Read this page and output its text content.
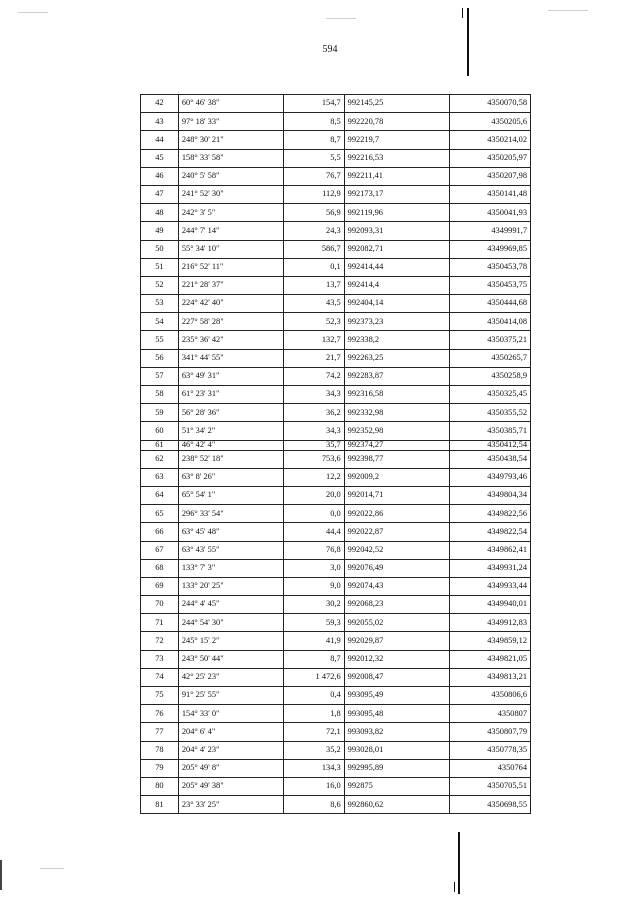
594
42	60° 46' 38"	154,7	992145,25	4350070,58
43	97° 18' 33"	8,5	992220,78	4350205,6
44	248° 30' 21"	8,7	992219,7	4350214,02
45	158° 33' 58"	5,5	992216,53	4350205,97
46	240° 5' 58"	76,7	992211,41	4350207,98
47	241° 52' 30"	112,9	992173,17	4350141,48
48	242° 3' 5"	56,9	992119,96	4350041,93
49	244° 7' 14"	24,3	992093,31	4349991,7
50	55° 34' 10"	586,7	992082,71	4349969,85
51	216° 52' 11"	0,1	992414,44	4350453,78
52	221° 28' 37"	13,7	992414,4	4350453,75
53	224° 42' 40"	43,5	992404,14	4350444,68
54	227° 58' 28"	52,3	992373,23	4350414,08
55	235° 36' 42"	132,7	992338,2	4350375,21
56	341° 44' 55"	21,7	992263,25	4350265,7
57	63° 49' 31"	74,2	992283,87	4350258,9
58	61° 23' 31"	34,3	992316,58	4350325,45
59	56° 28' 36"	36,2	992332,98	4350355,52
60	51° 34' 2"	34,3	992352,98	4350385,71
61	46° 42' 4"	35,7	992374,27	4350412,54
62	238° 52' 18"	753,6	992398,77	4350438,54
63	63° 8' 26"	12,2	992009,2	4349793,46
64	65° 54' 1"	20,0	992014,71	4349804,34
65	296° 33' 54"	0,0	992022,86	4349822,56
66	63° 45' 48"	44,4	992022,87	4349822,54
67	63° 43' 55"	76,8	992042,52	4349862,41
68	133° 7' 3"	3,0	992076,49	4349931,24
69	133° 20' 25"	9,0	992074,43	4349933,44
70	244° 4' 45"	30,2	992068,23	4349940,01
71	244° 54' 30"	59,3	992055,02	4349912,83
72	245° 15' 2"	41,9	992029,87	4349859,12
73	243° 50' 44"	8,7	992012,32	4349821,05
74	42° 25' 23"	1 472,6	992008,47	4349813,21
75	91° 25' 55"	0,4	993095,49	4350806,6
76	154° 33' 0"	1,8	993095,48	4350807
77	204° 6' 4"	72,1	993093,82	4350807,79
78	204° 4' 23"	35,2	993028,01	4350778,35
79	205° 49' 8"	134,3	992995,89	4350764
80	205° 49' 38"	16,0	992875	4350705,51
81	23° 33' 25"	8,6	992860,62	4350698,55
